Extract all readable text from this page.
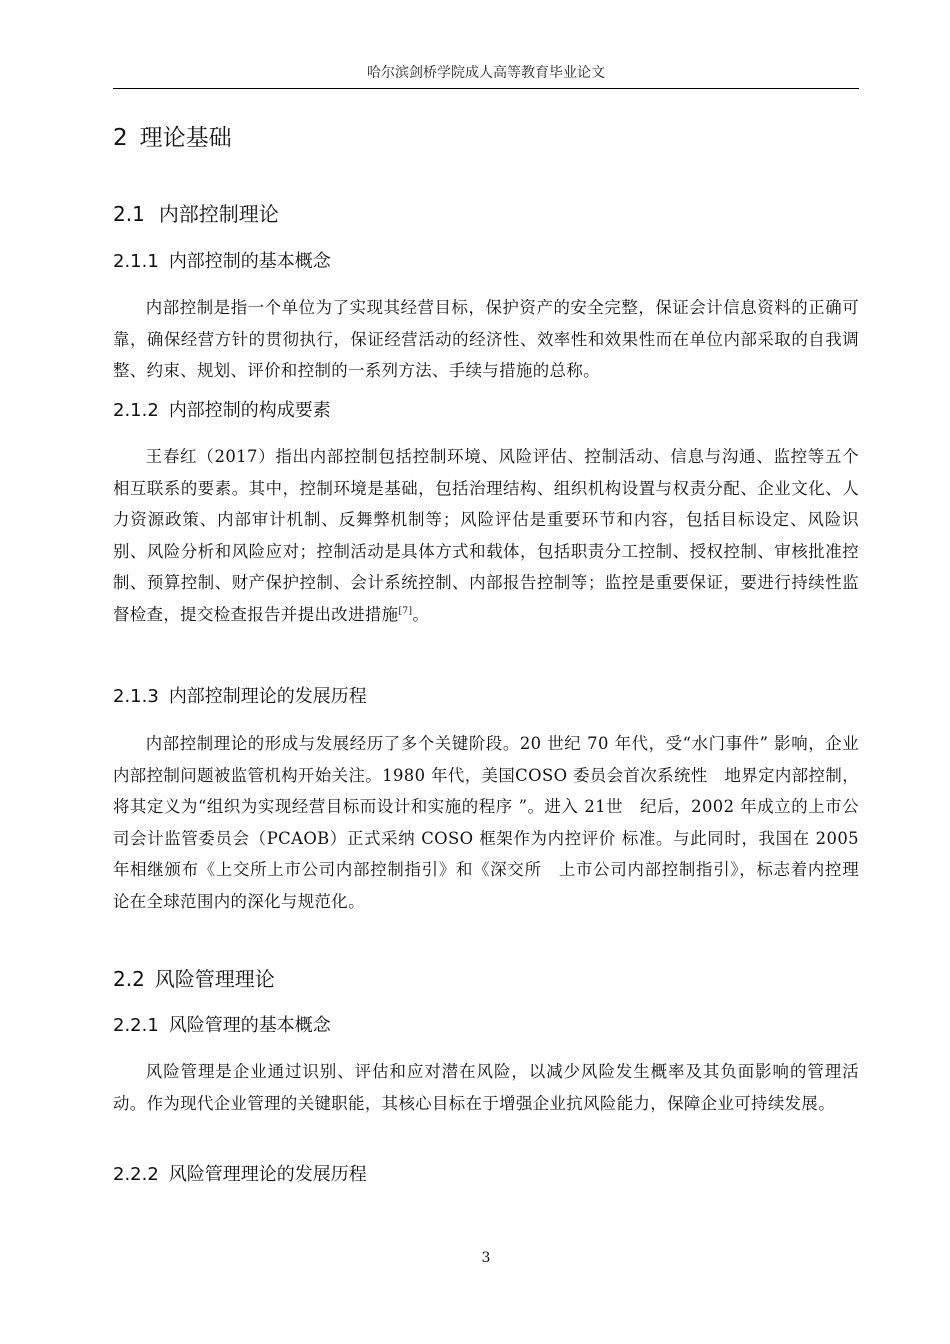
哈尔滨剑桥学院成人高等教育毕业论文
2 理论基础
2.1 内部控制理论
2.1.1 内部控制的基本概念

内部控制是指一个单位为了实现其经营目标，保护资产的安全完整，保证会计信息资料的正确可靠，确保经营方针的贯彻执行，保证经营活动的经济性、效率性和效果性而在单位内部采取的自我调整、约束、规划、评价和控制的一系列方法、手续与措施的总称。

2.1.2 内部控制的构成要素

王春红（2017）指出内部控制包括控制环境、风险评估、控制活动、信息与沟通、监控等五个相互联系的要素。其中，控制环境是基础，包括治理结构、组织机构设置与权责分配、企业文化、人力资源政策、内部审计机制、反舞弊机制等；风险评估是重要环节和内容，包括目标设定、风险识别、风险分析和风险应对；控制活动是具体方式和载体，包括职责分工控制、授权控制、审核批准控制、预算控制、财产保护控制、会计系统控制、内部报告控制等；监控是重要保证，要进行持续性监督检查，提交检查报告并提出改进措施[7]。

2.1.3 内部控制理论的发展历程

内部控制理论的形成与发展经历了多个关键阶段。20 世纪 70 年代，受“水门事件” 影响，企业内部控制问题被监管机构开始关注。1980 年代，美国COSO 委员会首次系统性　地界定内部控制，将其定义为“组织为实现经营目标而设计和实施的程序 ”。进入 21世　纪后，2002 年成立的上市公司会计监管委员会（PCAOB）正式采纳 COSO 框架作为内控评价 标准。与此同时，我国在 2005 年相继颁布《上交所上市公司内部控制指引》和《深交所　上市公司内部控制指引》，标志着内控理论在全球范围内的深化与规范化。

2.2 风险管理理论
2.2.1 风险管理的基本概念

风险管理是企业通过识别、评估和应对潜在风险，以减少风险发生概率及其负面影响的管理活动。作为现代企业管理的关键职能，其核心目标在于增强企业抗风险能力，保障企业可持续发展。

2.2.2 风险管理理论的发展历程
3
